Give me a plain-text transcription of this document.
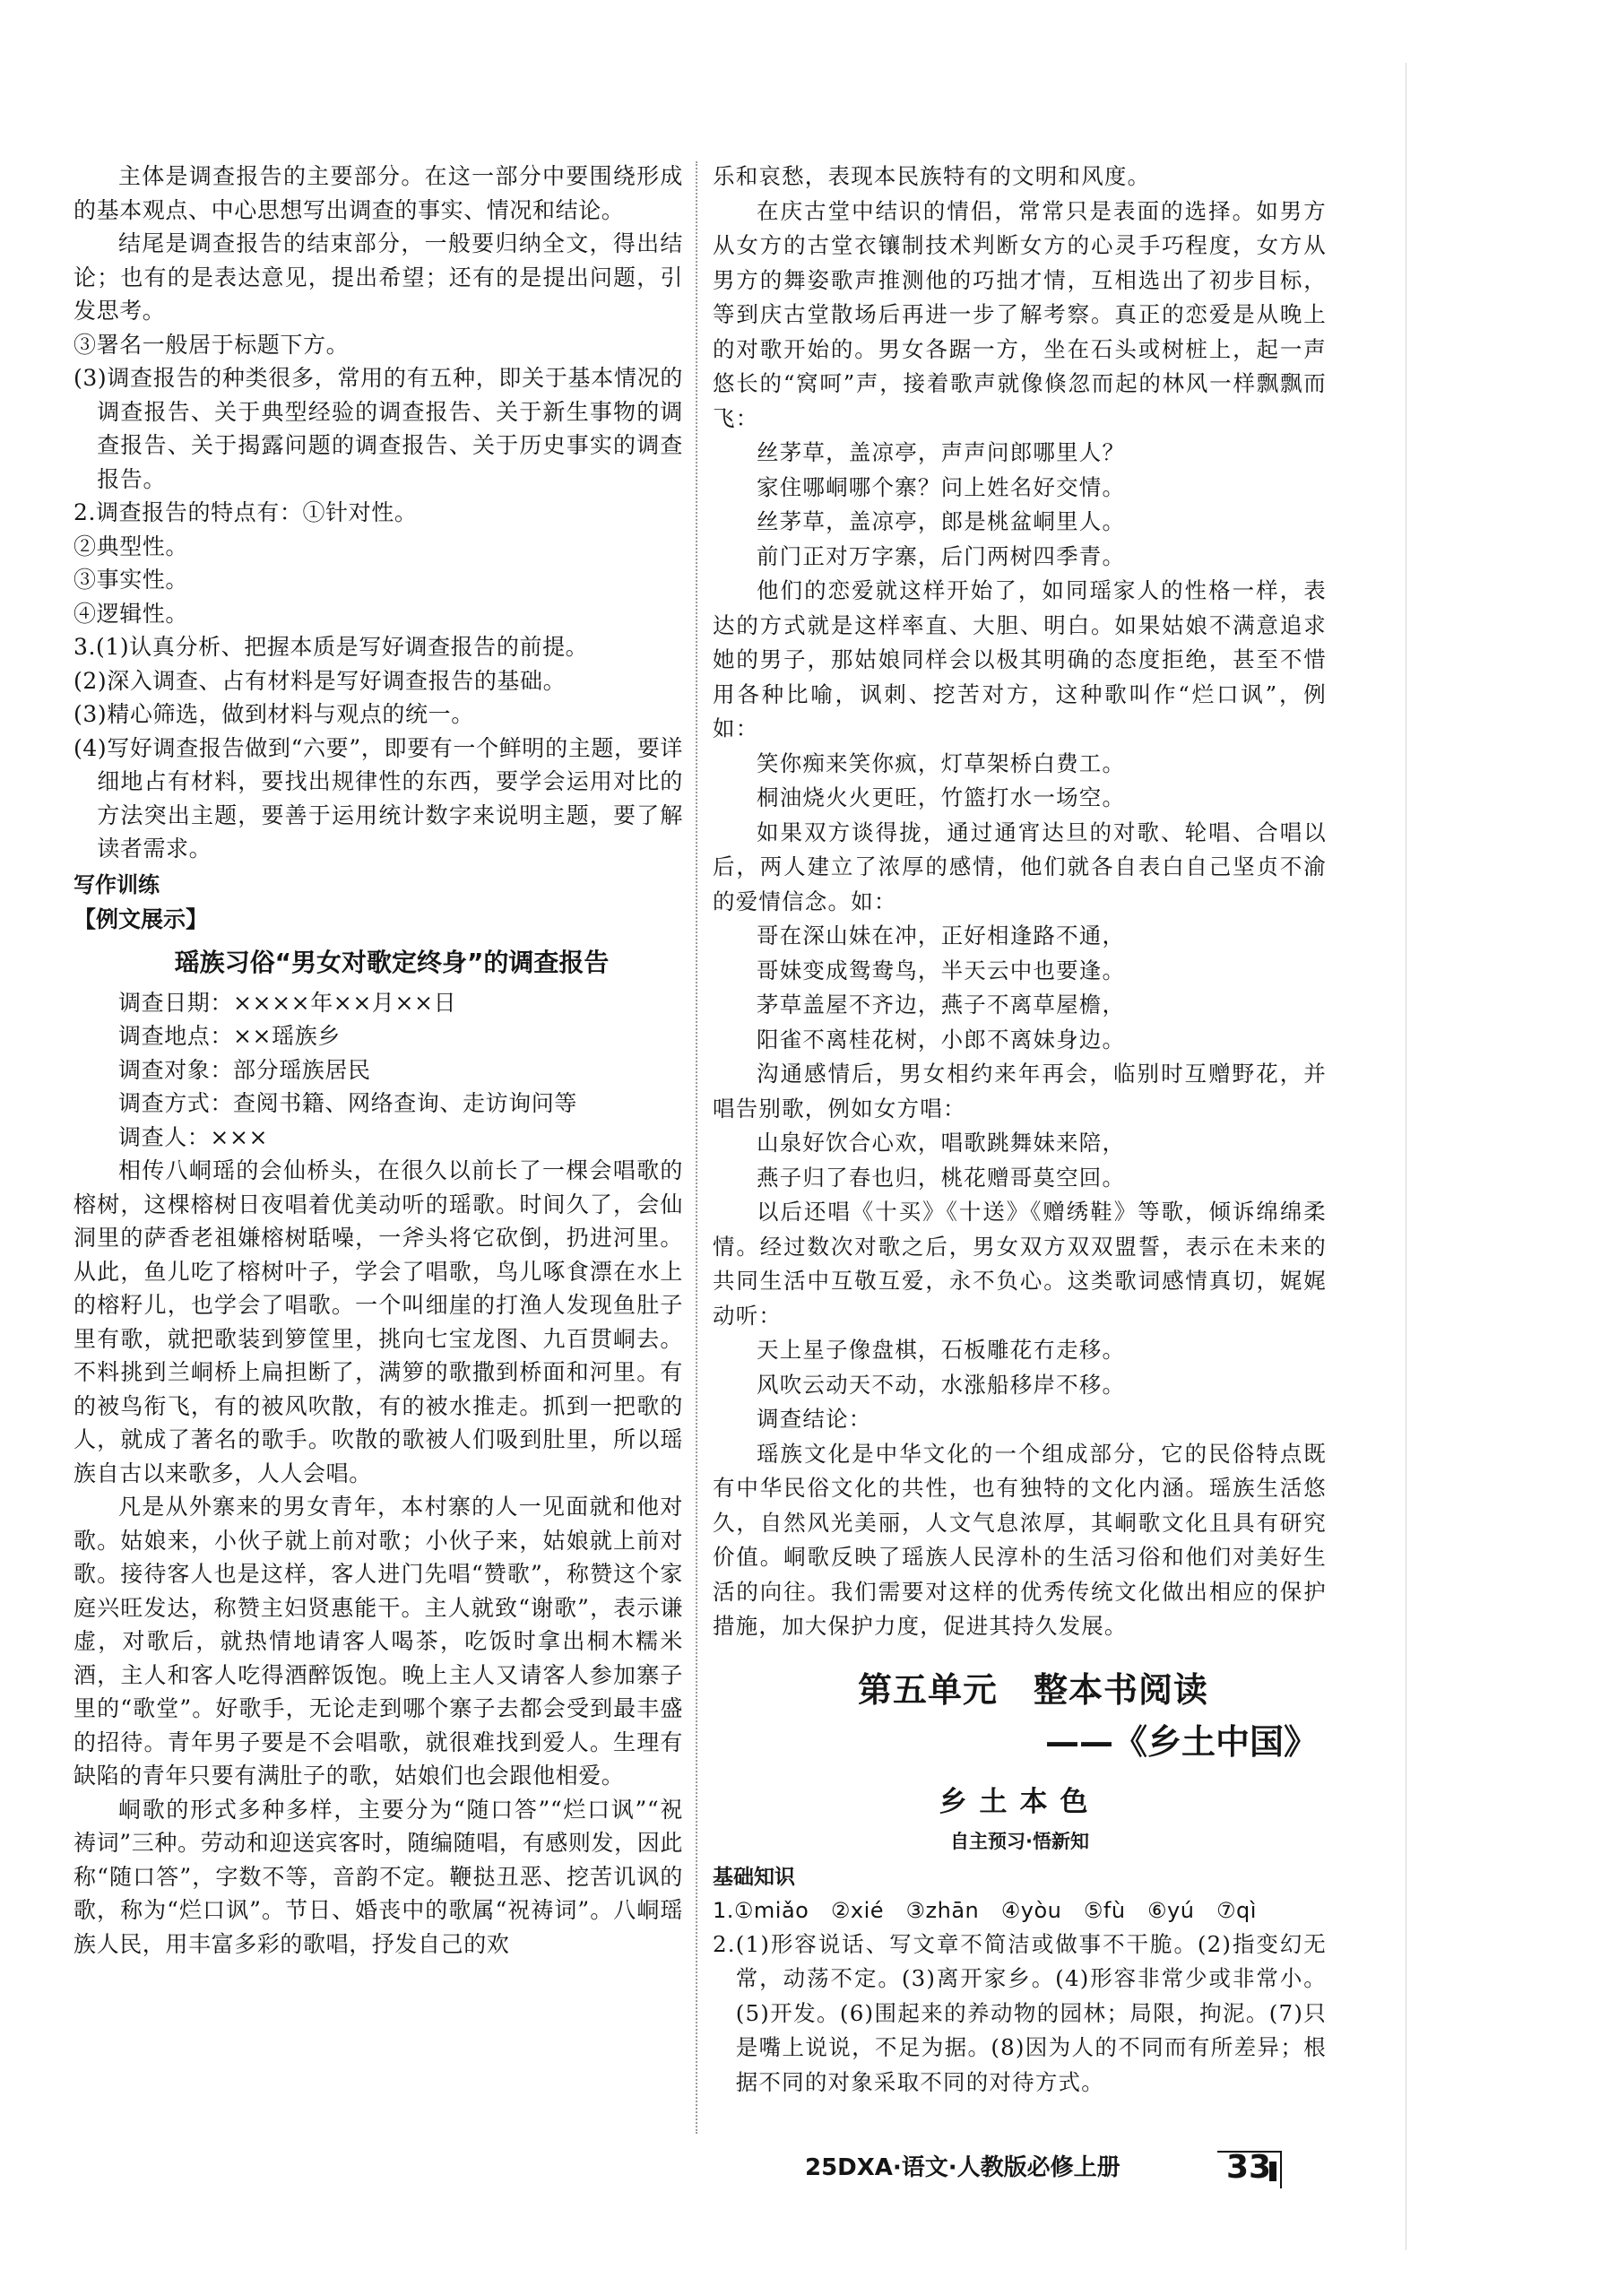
主体是调查报告的主要部分。在这一部分中要围绕形成的基本观点、中心思想写出调查的事实、情况和结论。

结尾是调查报告的结束部分，一般要归纳全文，得出结论；也有的是表达意见，提出希望；还有的是提出问题，引发思考。

③署名一般居于标题下方。

(3)调查报告的种类很多，常用的有五种，即关于基本情况的调查报告、关于典型经验的调查报告、关于新生事物的调查报告、关于揭露问题的调查报告、关于历史事实的调查报告。

2.调查报告的特点有：①针对性。

②典型性。

③事实性。

④逻辑性。

3.(1)认真分析、把握本质是写好调查报告的前提。

(2)深入调查、占有材料是写好调查报告的基础。

(3)精心筛选，做到材料与观点的统一。

(4)写好调查报告做到“六要”，即要有一个鲜明的主题，要详细地占有材料，要找出规律性的东西，要学会运用对比的方法突出主题，要善于运用统计数字来说明主题，要了解读者需求。

写作训练

【例文展示】

瑶族习俗“男女对歌定终身”的调查报告

调查日期：××××年××月××日

调查地点：××瑶族乡

调查对象：部分瑶族居民

调查方式：查阅书籍、网络查询、走访询问等

调查人：×××

相传八峒瑶的会仙桥头，在很久以前长了一棵会唱歌的榕树，这棵榕树日夜唱着优美动听的瑶歌。时间久了，会仙洞里的萨香老祖嫌榕树聒噪，一斧头将它砍倒，扔进河里。从此，鱼儿吃了榕树叶子，学会了唱歌，鸟儿啄食漂在水上的榕籽儿，也学会了唱歌。一个叫细崖的打渔人发现鱼肚子里有歌，就把歌装到箩筐里，挑向七宝龙图、九百贯峒去。不料挑到兰峒桥上扁担断了，满箩的歌撒到桥面和河里。有的被鸟衔飞，有的被风吹散，有的被水推走。抓到一把歌的人，就成了著名的歌手。吹散的歌被人们吸到肚里，所以瑶族自古以来歌多，人人会唱。

凡是从外寨来的男女青年，本村寨的人一见面就和他对歌。姑娘来，小伙子就上前对歌；小伙子来，姑娘就上前对歌。接待客人也是这样，客人进门先唱“赞歌”，称赞这个家庭兴旺发达，称赞主妇贤惠能干。主人就致“谢歌”，表示谦虚，对歌后，就热情地请客人喝茶，吃饭时拿出桐木糯米酒，主人和客人吃得酒醉饭饱。晚上主人又请客人参加寨子里的“歌堂”。好歌手，无论走到哪个寨子去都会受到最丰盛的招待。青年男子要是不会唱歌，就很难找到爱人。生理有缺陷的青年只要有满肚子的歌，姑娘们也会跟他相爱。

峒歌的形式多种多样，主要分为“随口答”“烂口讽”“祝祷词”三种。劳动和迎送宾客时，随编随唱，有感则发，因此称“随口答”，字数不等，音韵不定。鞭挞丑恶、挖苦讥讽的歌，称为“烂口讽”。节日、婚丧中的歌属“祝祷词”。八峒瑶族人民，用丰富多彩的歌唱，抒发自己的欢

乐和哀愁，表现本民族特有的文明和风度。

在庆古堂中结识的情侣，常常只是表面的选择。如男方从女方的古堂衣镶制技术判断女方的心灵手巧程度，女方从男方的舞姿歌声推测他的巧拙才情，互相选出了初步目标，等到庆古堂散场后再进一步了解考察。真正的恋爱是从晚上的对歌开始的。男女各踞一方，坐在石头或树桩上，起一声悠长的“窝呵”声，接着歌声就像倏忽而起的林风一样飘飘而飞：

丝茅草，盖凉亭，声声问郎哪里人？

家住哪峒哪个寨？问上姓名好交情。

丝茅草，盖凉亭，郎是桃盆峒里人。

前门正对万字寨，后门两树四季青。

他们的恋爱就这样开始了，如同瑶家人的性格一样，表达的方式就是这样率直、大胆、明白。如果姑娘不满意追求她的男子，那姑娘同样会以极其明确的态度拒绝，甚至不惜用各种比喻，讽刺、挖苦对方，这种歌叫作“烂口讽”，例如：

笑你痴来笑你疯，灯草架桥白费工。

桐油烧火火更旺，竹篮打水一场空。

如果双方谈得拢，通过通宵达旦的对歌、轮唱、合唱以后，两人建立了浓厚的感情，他们就各自表白自己坚贞不渝的爱情信念。如：

哥在深山妹在冲，正好相逢路不通，

哥妹变成鸳鸯鸟，半天云中也要逢。

茅草盖屋不齐边，燕子不离草屋檐，

阳雀不离桂花树，小郎不离妹身边。

沟通感情后，男女相约来年再会，临别时互赠野花，并唱告别歌，例如女方唱：

山泉好饮合心欢，唱歌跳舞妹来陪，

燕子归了春也归，桃花赠哥莫空回。

以后还唱《十买》《十送》《赠绣鞋》等歌，倾诉绵绵柔情。经过数次对歌之后，男女双方双双盟誓，表示在未来的共同生活中互敬互爱，永不负心。这类歌词感情真切，娓娓动听：

天上星子像盘棋，石板雕花冇走移。

风吹云动天不动，水涨船移岸不移。

调查结论：

瑶族文化是中华文化的一个组成部分，它的民俗特点既有中华民俗文化的共性，也有独特的文化内涵。瑶族生活悠久，自然风光美丽，人文气息浓厚，其峒歌文化且具有研究价值。峒歌反映了瑶族人民淳朴的生活习俗和他们对美好生活的向往。我们需要对这样的优秀传统文化做出相应的保护措施，加大保护力度，促进其持久发展。

第五单元 整本书阅读

——《乡土中国》

乡土本色

自主预习·悟新知

基础知识

1.①miǎo　②xié　③zhān　④yòu　⑤fù　⑥yú　⑦qì

2.(1)形容说话、写文章不简洁或做事不干脆。(2)指变幻无常，动荡不定。(3)离开家乡。(4)形容非常少或非常小。(5)开发。(6)围起来的养动物的园林；局限，拘泥。(7)只是嘴上说说，不足为据。(8)因为人的不同而有所差异；根据不同的对象采取不同的对待方式。

25DXA·语文·人教版必修上册	33
